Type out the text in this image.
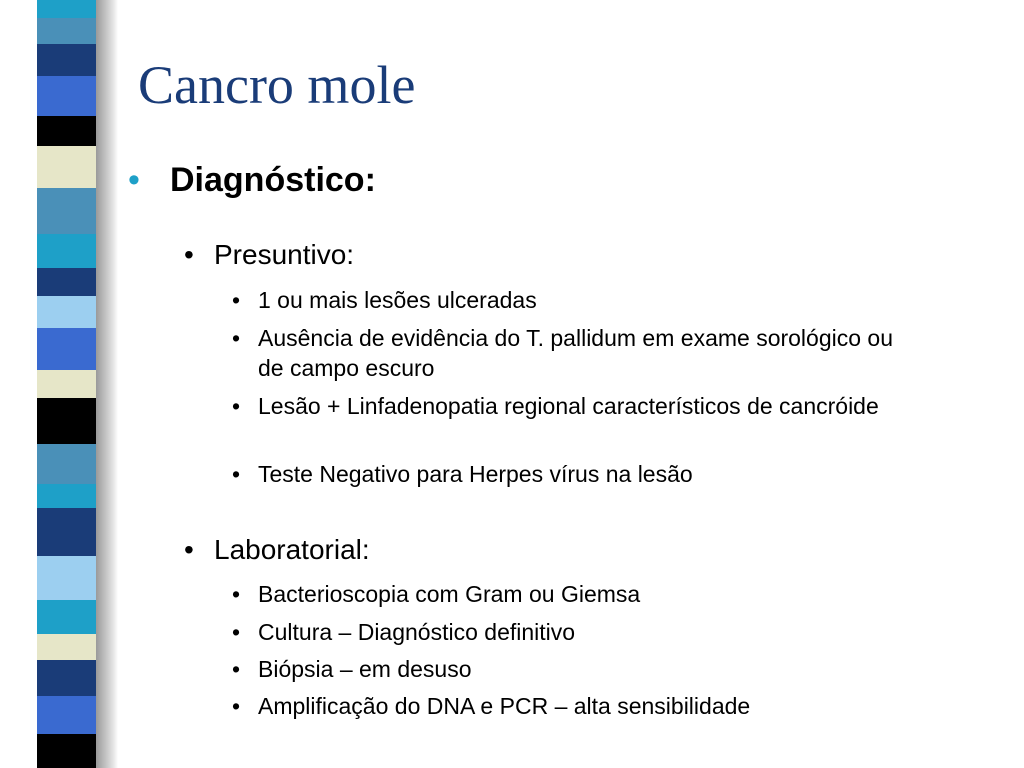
Cancro mole
• Diagnóstico:
• Presuntivo:
• 1 ou mais lesões ulceradas
• Ausência de evidência do T. pallidum em exame sorológico ou de campo escuro
• Lesão + Linfadenopatia regional característicos de cancróide
• Teste Negativo para Herpes vírus na lesão
• Laboratorial:
• Bacterioscopia com Gram ou Giemsa
• Cultura – Diagnóstico definitivo
• Biópsia – em desuso
• Amplificação do DNA e PCR – alta sensibilidade
